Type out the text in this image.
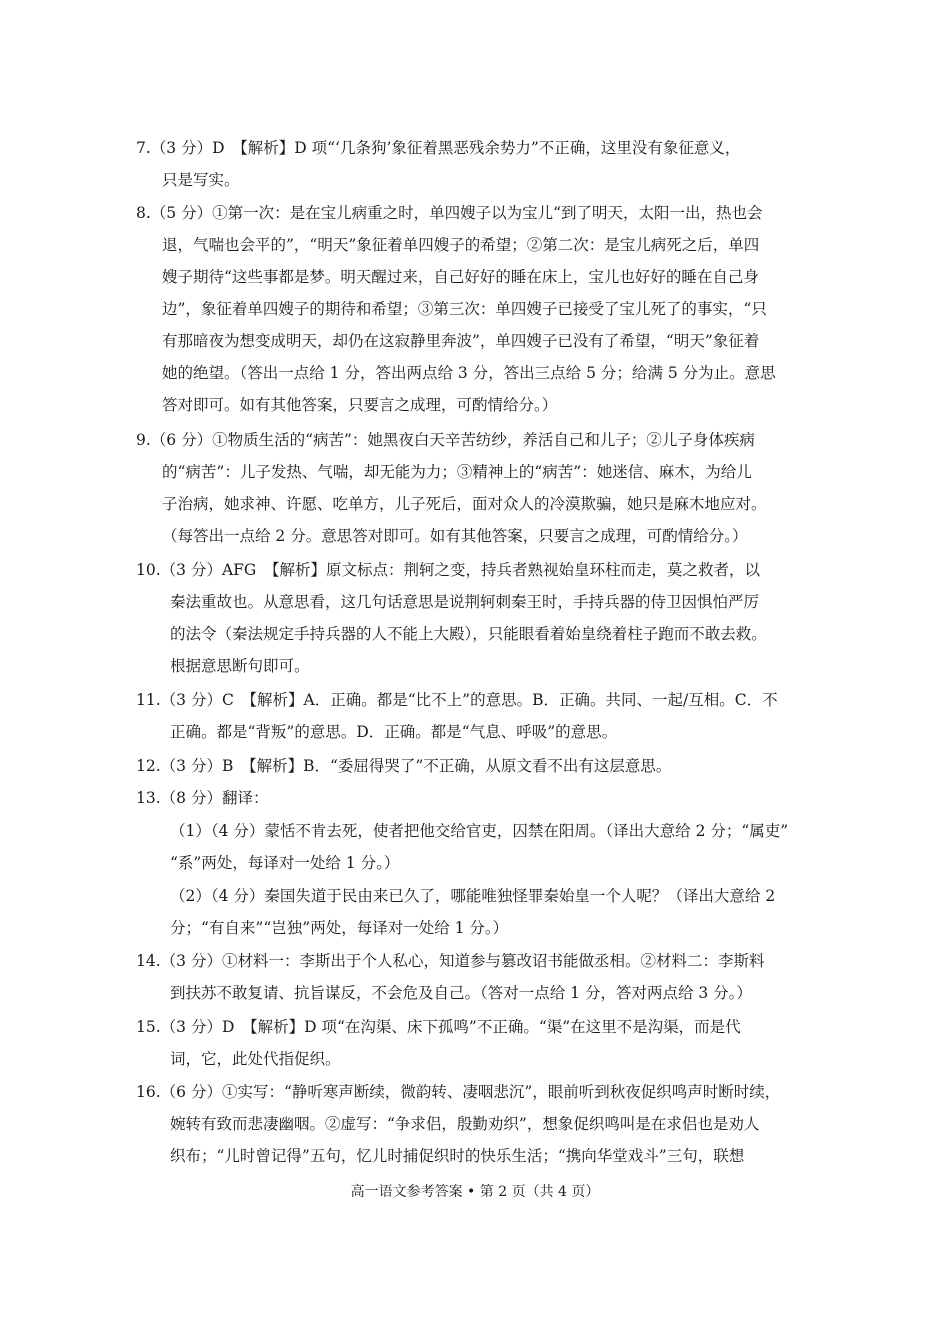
7.（3 分）D　【解析】D 项“‘几条狗’象征着黑恶残余势力”不正确，这里没有象征意义，
只是写实。
8.（5 分）①第一次：是在宝儿病重之时，单四嫂子以为宝儿“到了明天，太阳一出，热也会
退，气喘也会平的”，“明天”象征着单四嫂子的希望；②第二次：是宝儿病死之后，单四
嫂子期待“这些事都是梦。明天醒过来，自己好好的睡在床上，宝儿也好好的睡在自己身
边”，象征着单四嫂子的期待和希望；③第三次：单四嫂子已接受了宝儿死了的事实，“只
有那暗夜为想变成明天，却仍在这寂静里奔波”，单四嫂子已没有了希望，“明天”象征着
她的绝望。（答出一点给 1 分，答出两点给 3 分，答出三点给 5 分；给满 5 分为止。意思
答对即可。如有其他答案，只要言之成理，可酌情给分。）
9.（6 分）①物质生活的“病苦”：她黑夜白天辛苦纺纱，养活自己和儿子；②儿子身体疾病
的“病苦”：儿子发热、气喘，却无能为力；③精神上的“病苦”：她迷信、麻木，为给儿
子治病，她求神、许愿、吃单方，儿子死后，面对众人的冷漠欺骗，她只是麻木地应对。
（每答出一点给 2 分。意思答对即可。如有其他答案，只要言之成理，可酌情给分。）
10.（3 分）AFG　【解析】原文标点：荆轲之变，持兵者熟视始皇环柱而走，莫之救者，以
秦法重故也。从意思看，这几句话意思是说荆轲刺秦王时，手持兵器的侍卫因惧怕严厉
的法令（秦法规定手持兵器的人不能上大殿），只能眼看着始皇绕着柱子跑而不敢去救。
根据意思断句即可。
11.（3 分）C　【解析】A．正确。都是“比不上”的意思。B．正确。共同、一起/互相。C．不
正确。都是“背叛”的意思。D．正确。都是“气息、呼吸”的意思。
12.（3 分）B　【解析】B．“委屈得哭了”不正确，从原文看不出有这层意思。
13.（8 分）翻译：
（1）（4 分）蒙恬不肯去死，使者把他交给官吏，囚禁在阳周。（译出大意给 2 分；“属吏”
“系”两处，每译对一处给 1 分。）
（2）（4 分）秦国失道于民由来已久了，哪能唯独怪罪秦始皇一个人呢？（译出大意给 2
分；“有自来”“岂独”两处，每译对一处给 1 分。）
14.（3 分）①材料一：李斯出于个人私心，知道参与篡改诏书能做丞相。②材料二：李斯料
到扶苏不敢复请、抗旨谋反，不会危及自己。（答对一点给 1 分，答对两点给 3 分。）
15.（3 分）D　【解析】D 项“在沟渠、床下孤鸣”不正确。“渠”在这里不是沟渠，而是代
词，它，此处代指促织。
16.（6 分）①实写：“静听寒声断续，微韵转、凄咽悲沉”，眼前听到秋夜促织鸣声时断时续，
婉转有致而悲凄幽咽。②虚写：“争求侣，殷勤劝织”，想象促织鸣叫是在求侣也是劝人
织布；“儿时曾记得”五句，忆儿时捕促织时的快乐生活；“携向华堂戏斗”三句，联想
高一语文参考答案 • 第 2 页（共 4 页）
